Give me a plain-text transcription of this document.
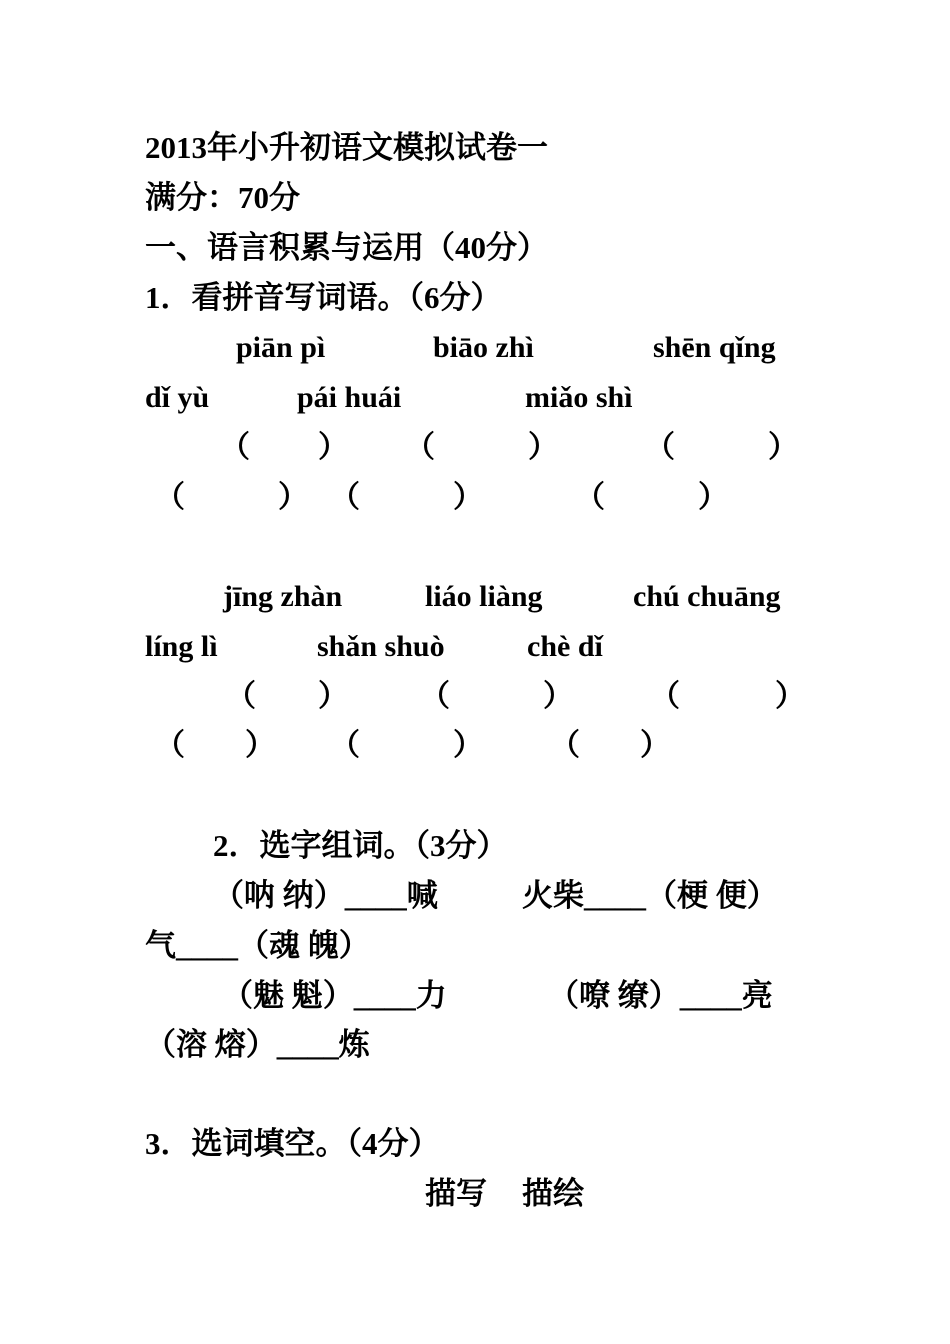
2013年小升初语文模拟试卷一
满分：70分
一、语言积累与运用（40分）
1．看拼音写词语。（6分）
piān pì	biāo zhì	shēn qǐng
dǐ yù	pái huái	miǎo shì
（ ） （	）	（	）
（	） （	）	（	）
jīng zhàn	liáo liàng	chú chuāng
líng lì	shǎn shuò	chè dǐ
（ ） （	）	（	）
（ ） （	） （ ）
2．选字组词。（3分）
（呐 纳）____喊	火柴____（梗 便）
气____（魂 魄）
（魅 魁）____力	（嘹 缭）____亮
（溶 熔）____炼
3．选词填空。（4分）
描写 描绘
